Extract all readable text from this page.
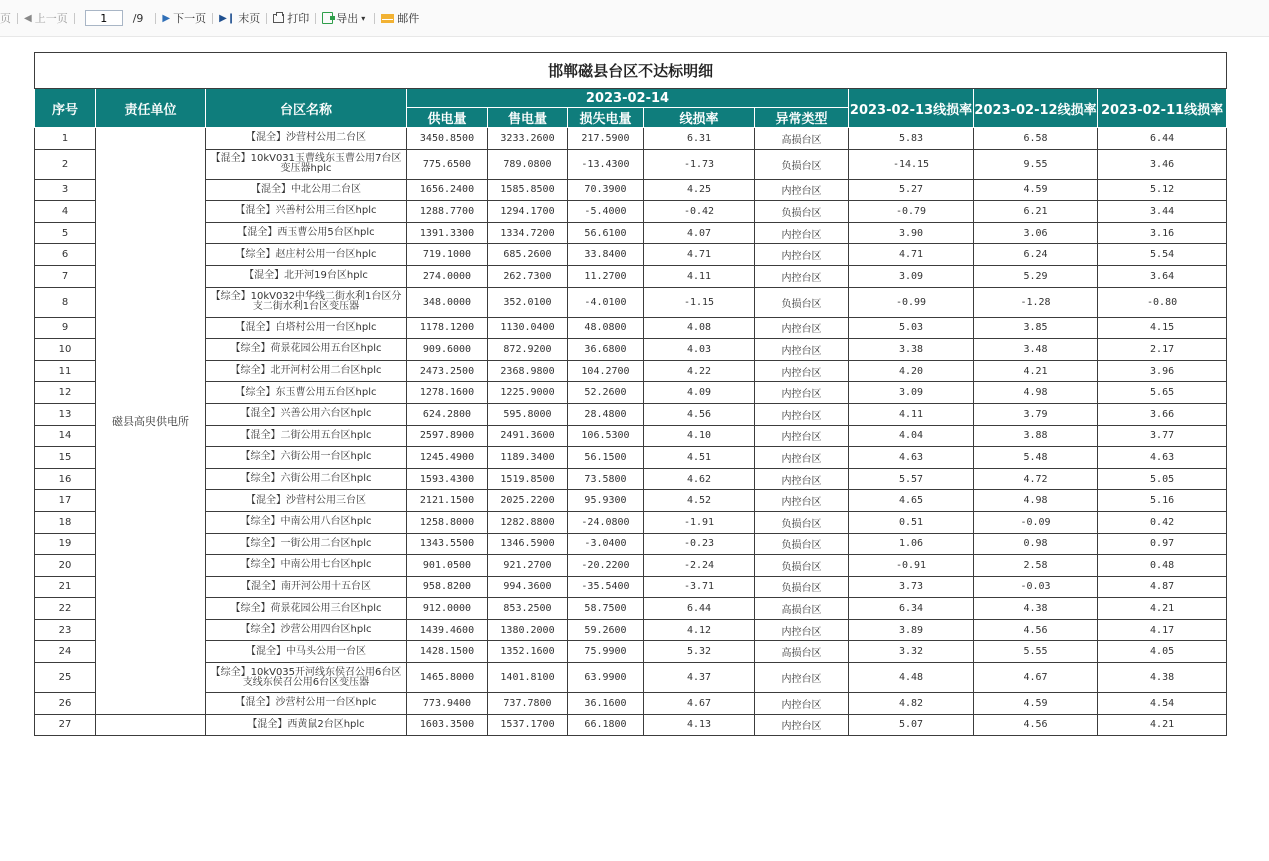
页 ◀ 上一页
1	/9 ▶ 下一页 ▶❙ 末页 打印 导出 ▾	邮件
邯郸磁县台区不达标明细										
序号	责任单位	台区名称	2023-02-14					2023-02-13线损率	2023-02-12线损率	2023-02-11线损率
			供电量	售电量	损失电量	线损率	异常类型			
1	磁县高臾供电所	【混全】沙营村公用二台区	3450.8500	3233.2600	217.5900	6.31	高损台区	5.83	6.58	6.44
2		【混全】10kV031玉曹线东玉曹公用7台区变压器hplc	775.6500	789.0800	-13.4300	-1.73	负损台区	-14.15	9.55	3.46
3		【混全】中北公用二台区	1656.2400	1585.8500	70.3900	4.25	内控台区	5.27	4.59	5.12
4		【混全】兴善村公用三台区hplc	1288.7700	1294.1700	-5.4000	-0.42	负损台区	-0.79	6.21	3.44
5		【混全】西玉曹公用5台区hplc	1391.3300	1334.7200	56.6100	4.07	内控台区	3.90	3.06	3.16
6		【综全】赵庄村公用一台区hplc	719.1000	685.2600	33.8400	4.71	内控台区	4.71	6.24	5.54
7		【混全】北开河19台区hplc	274.0000	262.7300	11.2700	4.11	内控台区	3.09	5.29	3.64
8		【综全】10kV032中华线二街水利1台区分支二街水利1台区变压器	348.0000	352.0100	-4.0100	-1.15	负损台区	-0.99	-1.28	-0.80
9		【混全】白塔村公用一台区hplc	1178.1200	1130.0400	48.0800	4.08	内控台区	5.03	3.85	4.15
10		【综全】荷景花园公用五台区hplc	909.6000	872.9200	36.6800	4.03	内控台区	3.38	3.48	2.17
11		【综全】北开河村公用二台区hplc	2473.2500	2368.9800	104.2700	4.22	内控台区	4.20	4.21	3.96
12		【综全】东玉曹公用五台区hplc	1278.1600	1225.9000	52.2600	4.09	内控台区	3.09	4.98	5.65
13		【混全】兴善公用六台区hplc	624.2800	595.8000	28.4800	4.56	内控台区	4.11	3.79	3.66
14		【混全】二街公用五台区hplc	2597.8900	2491.3600	106.5300	4.10	内控台区	4.04	3.88	3.77
15		【综全】六街公用一台区hplc	1245.4900	1189.3400	56.1500	4.51	内控台区	4.63	5.48	4.63
16		【综全】六街公用二台区hplc	1593.4300	1519.8500	73.5800	4.62	内控台区	5.57	4.72	5.05
17		【混全】沙营村公用三台区	2121.1500	2025.2200	95.9300	4.52	内控台区	4.65	4.98	5.16
18		【综全】中南公用八台区hplc	1258.8000	1282.8800	-24.0800	-1.91	负损台区	0.51	-0.09	0.42
19		【综全】一街公用二台区hplc	1343.5500	1346.5900	-3.0400	-0.23	负损台区	1.06	0.98	0.97
20		【综全】中南公用七台区hplc	901.0500	921.2700	-20.2200	-2.24	负损台区	-0.91	2.58	0.48
21		【混全】南开河公用十五台区	958.8200	994.3600	-35.5400	-3.71	负损台区	3.73	-0.03	4.87
22		【综全】荷景花园公用三台区hplc	912.0000	853.2500	58.7500	6.44	高损台区	6.34	4.38	4.21
23		【综全】沙营公用四台区hplc	1439.4600	1380.2000	59.2600	4.12	内控台区	3.89	4.56	4.17
24		【混全】中马头公用一台区	1428.1500	1352.1600	75.9900	5.32	高损台区	3.32	5.55	4.05
25		【综全】10kV035开河线东侯召公用6台区支线东侯召公用6台区变压器	1465.8000	1401.8100	63.9900	4.37	内控台区	4.48	4.67	4.38
26		【混全】沙营村公用一台区hplc	773.9400	737.7800	36.1600	4.67	内控台区	4.82	4.59	4.54
27		【混全】西黄鼠2台区hplc	1603.3500	1537.1700	66.1800	4.13	内控台区	5.07	4.56	4.21
